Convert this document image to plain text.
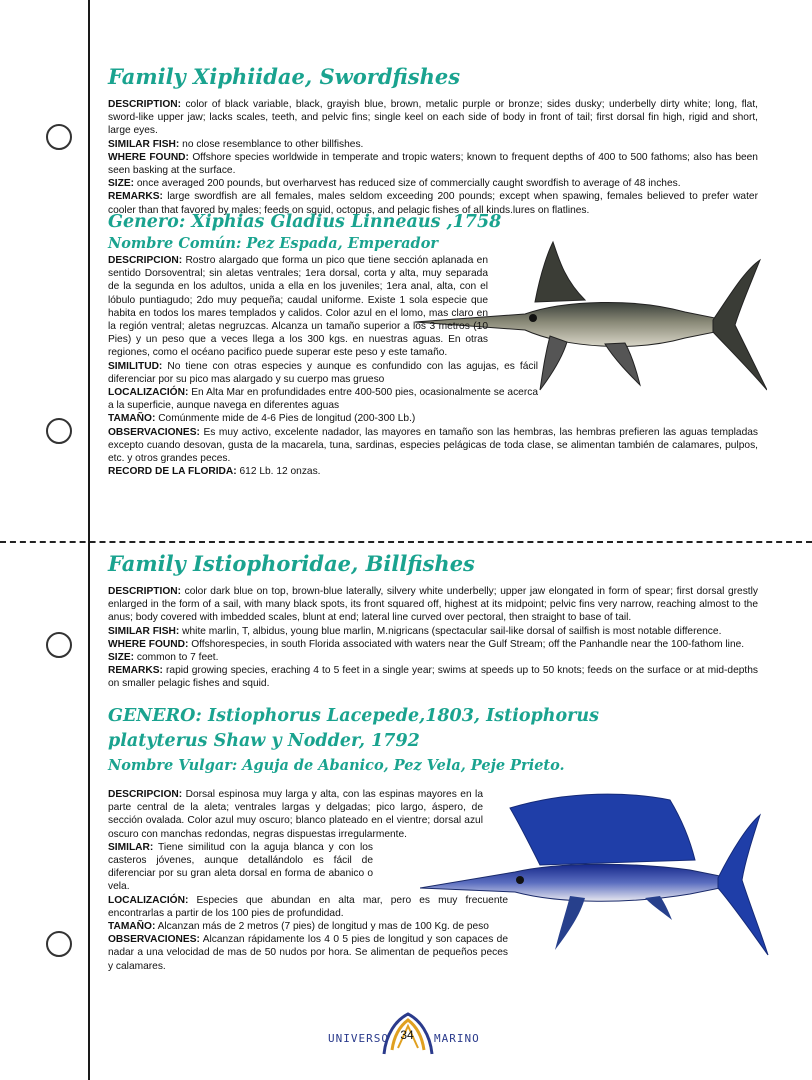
Family Xiphiidae, Swordfishes

DESCRIPTION: color of black variable, black, grayish blue, brown, metalic purple or bronze; sides dusky; underbelly dirty white; long, flat, sword-like upper jaw; lacks scales, teeth, and pelvic fins; single keel on each side of body in front of tail; first dorsal fin high, rigid and short, large eyes.

SIMILAR FISH: no close resemblance to other billfishes.

WHERE FOUND: Offshore species worldwide in temperate and tropic waters; known to frequent depths of 400 to 500 fathoms; also has been seen basking at the surface.

SIZE: once averaged 200 pounds, but overharvest has reduced size of commercially caught swordfish to average of 48 inches.

REMARKS: large swordfish are all females, males seldom exceeding 200 pounds; except when spawing, females believed to prefer water cooler than that favored by males; feeds on squid, octopus, and pelagic fishes of all kinds.lures on flatlines.

Genero: Xiphias Gladius Linneaus ,1758
Nombre Común: Pez Espada, Emperador

DESCRIPCION: Rostro alargado que forma un pico que tiene sección aplanada en sentido Dorsoventral; sin aletas ventrales; 1era dorsal, corta y alta, muy separada de la segunda en los adultos, unida a ella en los juveniles; 1era anal, alta, con el lóbulo puntiagudo; 2do muy pequeña; caudal uniforme. Existe 1 sola especie que habita en todos los mares templados y calidos. Color azul en el lomo, mas claro en la región ventral; aletas negruzcas. Alcanza un tamaño superior a los 3 metros (10 Pies) y un peso que a veces llega a los 300 kgs. en nuestras aguas. En otras regiones, como el océano pacifico puede superar este peso y este tamaño.

SIMILITUD: No tiene con otras especies y aunque es confundido con las agujas, es fácil diferenciar por su pico mas alargado y su cuerpo mas grueso

LOCALIZACIÓN: En Alta Mar en profundidades entre 400-500 pies, ocasionalmente se acerca a la superficie, aunque navega en diferentes aguas

TAMAÑO: Comúnmente mide de 4-6 Pies de longitud (200-300 Lb.)

OBSERVACIONES: Es muy activo, excelente nadador, las mayores en tamaño son las hembras, las hembras prefieren las aguas templadas excepto cuando desovan, gusta de la macarela, tuna, sardinas, especies pelágicas de toda clase, se alimentan también de calamares, pulpos, etc. y otros grandes peces.

RECORD DE LA FLORIDA: 612 Lb. 12 onzas.

Family Istiophoridae, Billfishes

DESCRIPTION: color dark blue on top, brown-blue laterally, silvery white underbelly; upper jaw elongated in form of spear; first dorsal grestly enlarged in the form of a sail, with many black spots, its front squared off, highest at its midpoint; pelvic fins very narrow, reaching almost to the anus; body covered with imbedded scales, blunt at end; lateral line curved over pectoral, then straight to base of tail.

SIMILAR FISH: white marlin, T, albidus, young blue marlin, M.nigricans (spectacular sail-like dorsal of sailfish is most notable difference.

WHERE FOUND: Offshorespecies, in south Florida associated with waters near the Gulf Stream; off the Panhandle near the 100-fathom line.

SIZE: common to 7 feet.

REMARKS: rapid growing species, eraching 4 to 5 feet in a single year; swims at speeds up to 50 knots; feeds on the surface or at mid-depths on smaller pelagic fishes and squid.

GENERO: Istiophorus Lacepede,1803, Istiophorus
platyterus Shaw y Nodder, 1792
Nombre Vulgar: Aguja de Abanico, Pez Vela, Peje Prieto.

DESCRIPCION: Dorsal espinosa muy larga y alta, con las espinas mayores en la parte central de la aleta; ventrales largas y delgadas; pico largo, áspero, de sección ovalada. Color azul muy oscuro; blanco plateado en el vientre; dorsal azul oscuro con manchas redondas, negras dispuestas irregularmente.

SIMILAR: Tiene similitud con la aguja blanca y con los casteros jóvenes, aunque detallándolo es fácil de diferenciar por su gran aleta dorsal en forma de abanico o vela.

LOCALIZACIÓN: Especies que abundan en alta mar, pero es muy frecuente encontrarlas a partir de los 100 pies de profundidad.

TAMAÑO: Alcanzan más de 2 metros (7 pies) de longitud y mas de 100 Kg. de peso

OBSERVACIONES: Alcanzan rápidamente los 4 0 5 pies de longitud y son capaces de nadar a una velocidad de mas de 50 nudos por hora. Se alimentan de pequeños peces y calamares.

UNIVERSO	MARINO
34
